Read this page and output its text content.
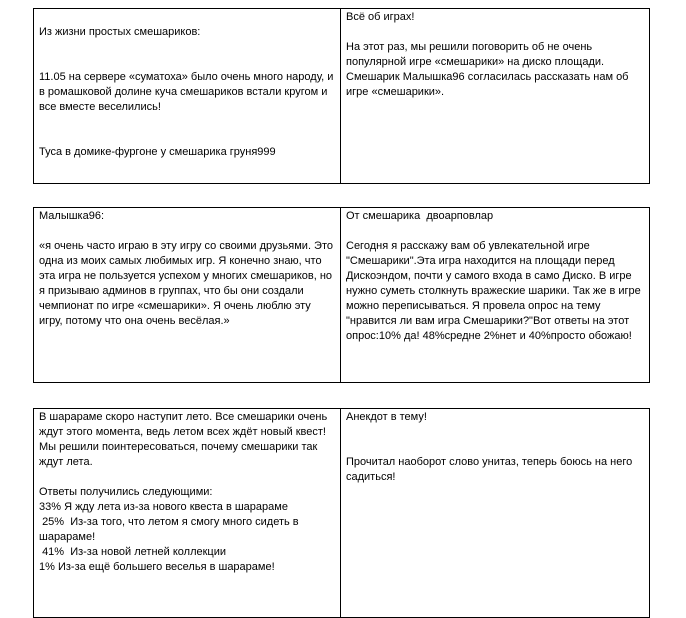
Из жизни простых смешариков:

11.05 на сервере «суматоха» было очень много народу, и в ромашковой долине куча смешариков встали кругом и все вместе веселились!

Туса в домике-фургоне у смешарика груня999

Всё об играх!

На этот раз, мы решили поговорить об не очень популярной игре «смешарики» на диско площади. Смешарик Малышка96 согласилась рассказать нам об игре «смешарики».

Малышка96:

«я очень часто играю в эту игру со своими друзьями. Это одна из моих самых любимых игр. Я конечно знаю, что эта игра не пользуется успехом у многих смешариков, но я призываю админов в группах, что бы они создали чемпионат по игре «смешарики». Я очень люблю эту игру, потому что она очень весёлая.»

От смешарика  двоарповлар

Сегодня я расскажу вам об увлекательной игре "Смешарики".Эта игра находится на площади перед Дискоэндом, почти у самого входа в само Диско. В игре нужно суметь столкнуть вражеские шарики. Так же в игре можно переписываться. Я провела опрос на тему "нравится ли вам игра Смешарики?"Вот ответы на этот опрос:10% да! 48%средне 2%нет и 40%просто обожаю!

В шарараме скоро наступит лето. Все смешарики очень ждут этого момента, ведь летом всех ждёт новый квест! Мы решили поинтересоваться, почему смешарики так ждут лета.

Ответы получились следующими:

33% Я жду лета из-за нового квеста в шарараме

25%  Из-за того, что летом я смогу много сидеть в шарараме!

41%  Из-за новой летней коллекции

1% Из-за ещё большего веселья в шарараме!

Анекдот в тему!

Прочитал наоборот слово унитаз, теперь боюсь на него садиться!
